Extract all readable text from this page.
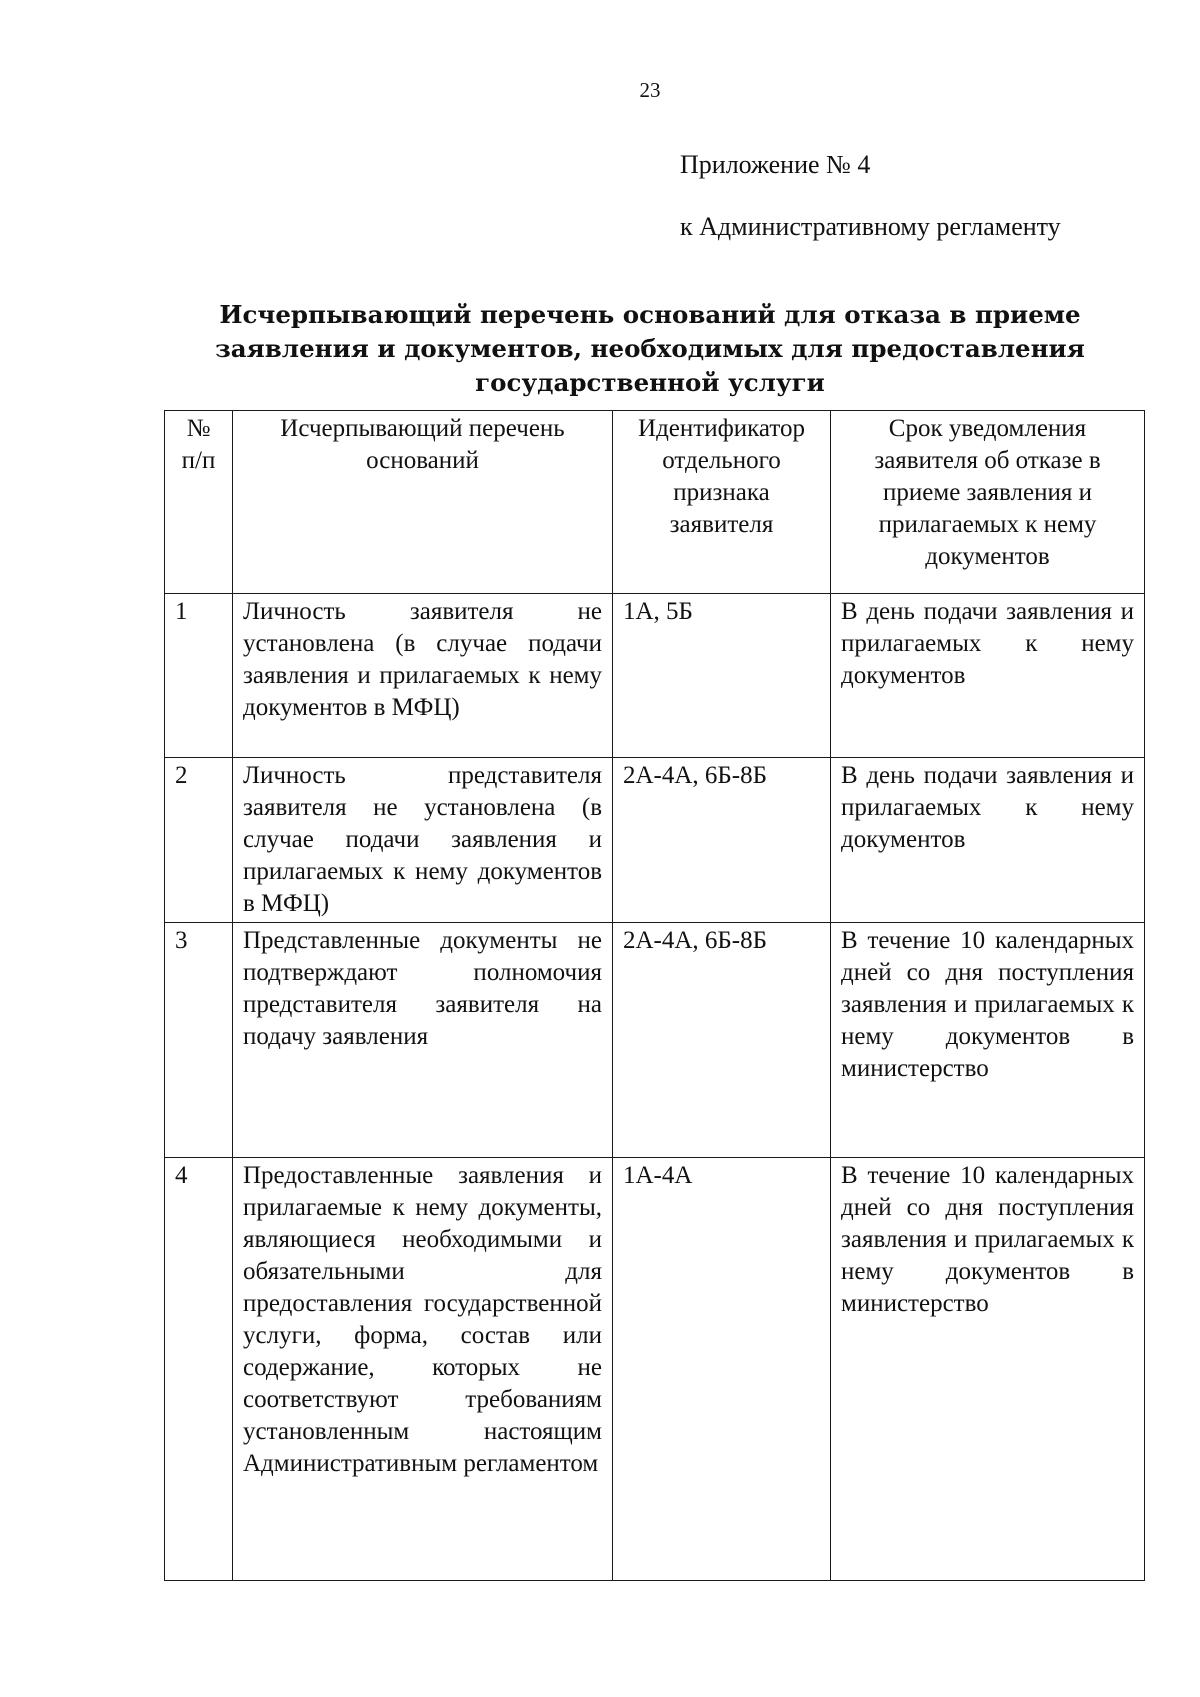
23
Приложение № 4
к Административному регламенту
Исчерпывающий перечень оснований для отказа в приеме заявления и документов, необходимых для предоставления государственной услуги
№ п/п	Исчерпывающий перечень оснований	Идентификатор отдельного признака заявителя	Срок уведомления заявителя об отказе в приеме заявления и прилагаемых к нему документов
1	Личность заявителя не установлена (в случае подачи заявления и прилагаемых к нему документов в МФЦ)	1А, 5Б	В день подачи заявления и прилагаемых к нему документов
2	Личность представителя заявителя не установлена (в случае подачи заявления и прилагаемых к нему документов в МФЦ)	2А-4А, 6Б-8Б	В день подачи заявления и прилагаемых к нему документов
3	Представленные документы не подтверждают полномочия представителя заявителя на подачу заявления	2А-4А, 6Б-8Б	В течение 10 календарных дней со дня поступления заявления и прилагаемых к нему документов в министерство
4	Предоставленные заявления и прилагаемые к нему документы, являющиеся необходимыми и обязательными для предоставления государственной услуги, форма, состав или содержание, которых не соответствуют требованиям установленным настоящим Административным регламентом	1А-4А	В течение 10 календарных дней со дня поступления заявления и прилагаемых к нему документов в министерство
